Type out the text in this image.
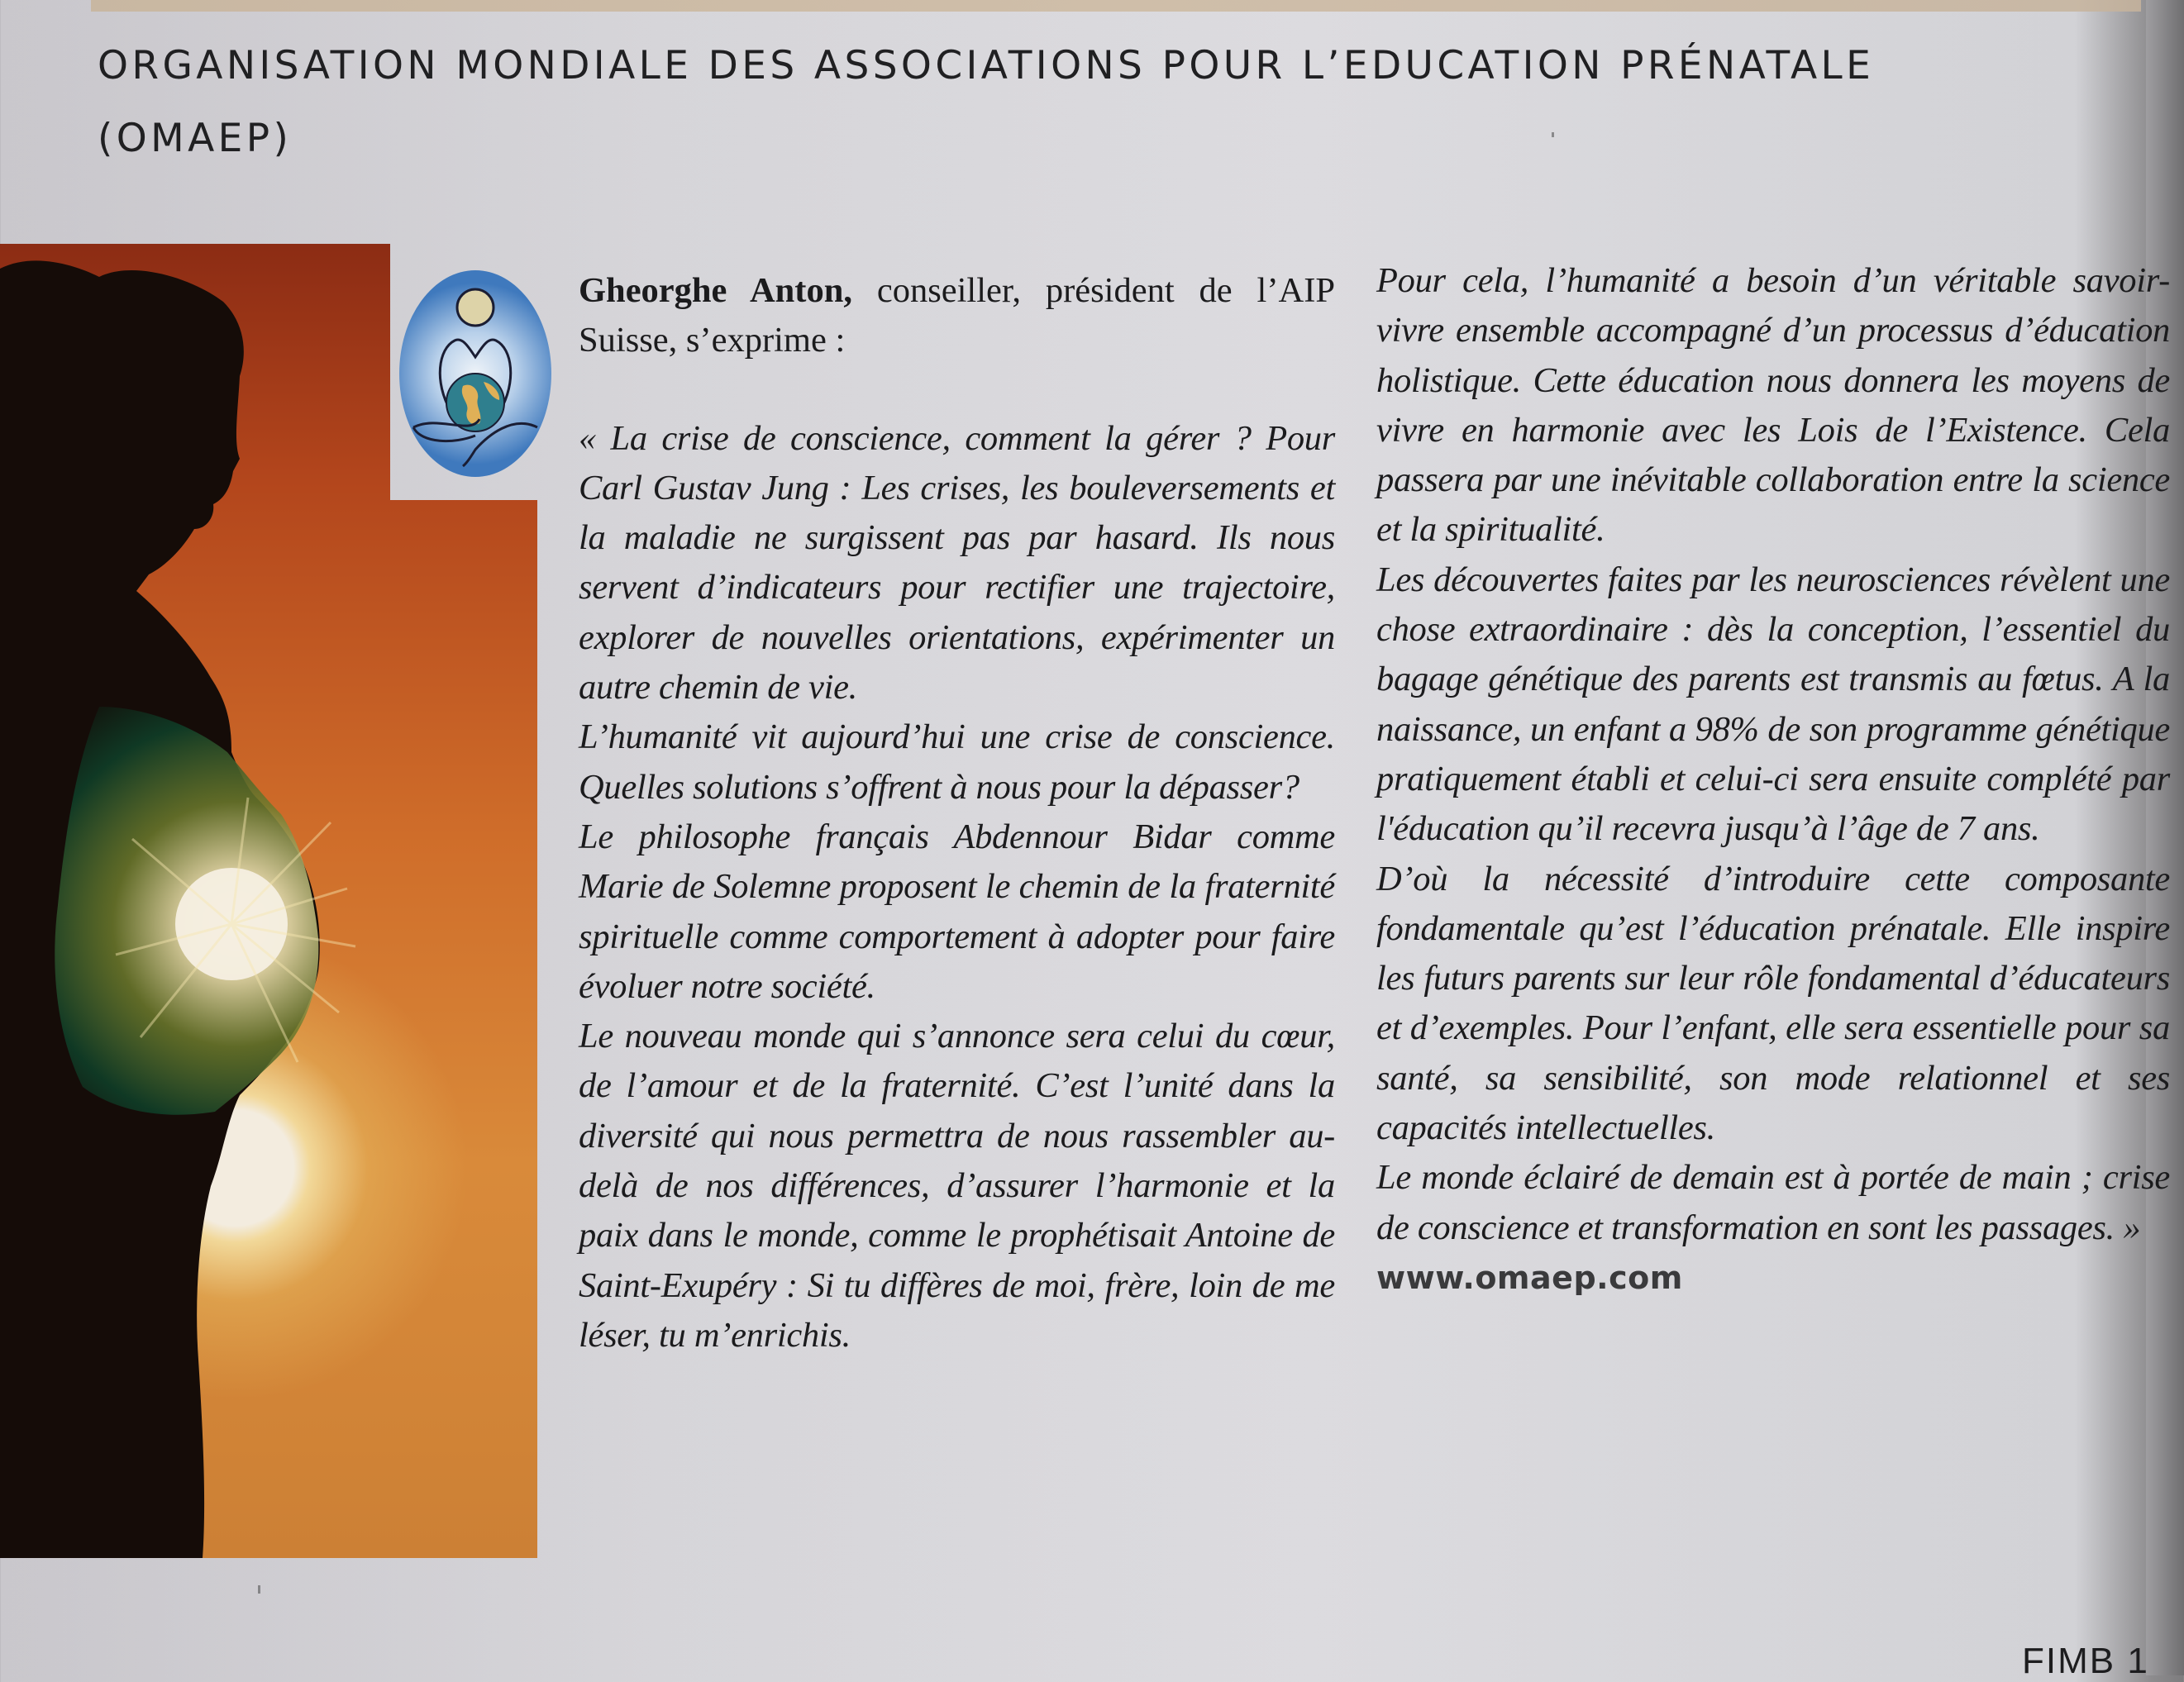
ORGANISATION MONDIALE DES ASSOCIATIONS POUR L’EDUCATION PRÉNATALE
(OMAEP)

Gheorghe Anton, conseiller, président de l’AIP Suisse, s’exprime :

« La crise de conscience, comment la gérer ? Pour Carl Gustav Jung : Les crises, les bouleversements et la maladie ne surgissent pas par hasard. Ils nous servent d’indicateurs pour rectifier une trajectoire, explorer de nouvelles orientations, expérimenter un autre chemin de vie.

L’humanité vit aujourd’hui une crise de conscience. Quelles solutions s’offrent à nous pour la dépasser?

Le philosophe français Abdennour Bidar comme Marie de Solemne proposent le chemin de la fraternité spirituelle comme comportement à adopter pour faire évoluer notre société.

Le nouveau monde qui s’annonce sera celui du cœur, de l’amour et de la fraternité. C’est l’unité dans la diversité qui nous permettra de nous rassembler au-delà de nos différences, d’assurer l’harmonie et la paix dans le monde, comme le prophétisait Antoine de Saint-Exupéry : Si tu diffères de moi, frère, loin de me léser, tu m’enrichis.

Pour cela, l’humanité a besoin d’un véritable savoir-vivre ensemble accompagné d’un processus d’éducation holistique. Cette éducation nous donnera les moyens de vivre en harmonie avec les Lois de l’Existence. Cela passera par une inévitable collaboration entre la science et la spiritualité.

Les découvertes faites par les neurosciences révèlent une chose extraordinaire : dès la conception, l’essentiel du bagage génétique des parents est transmis au fœtus. A la naissance, un enfant a 98% de son programme génétique pratiquement établi et celui-ci sera ensuite complété par l'éducation qu’il recevra jusqu’à l’âge de 7 ans.

D’où la nécessité d’introduire cette composante fondamentale qu’est l’éducation prénatale. Elle inspire les futurs parents sur leur rôle fondamental d’éducateurs et d’exemples. Pour l’enfant, elle sera essentielle pour sa santé, sa sensibilité, son mode relationnel et ses capacités intellectuelles.

Le monde éclairé de demain est à portée de main ; crise de conscience et transformation en sont les passages. »

www.omaep.com

FIMB 1
